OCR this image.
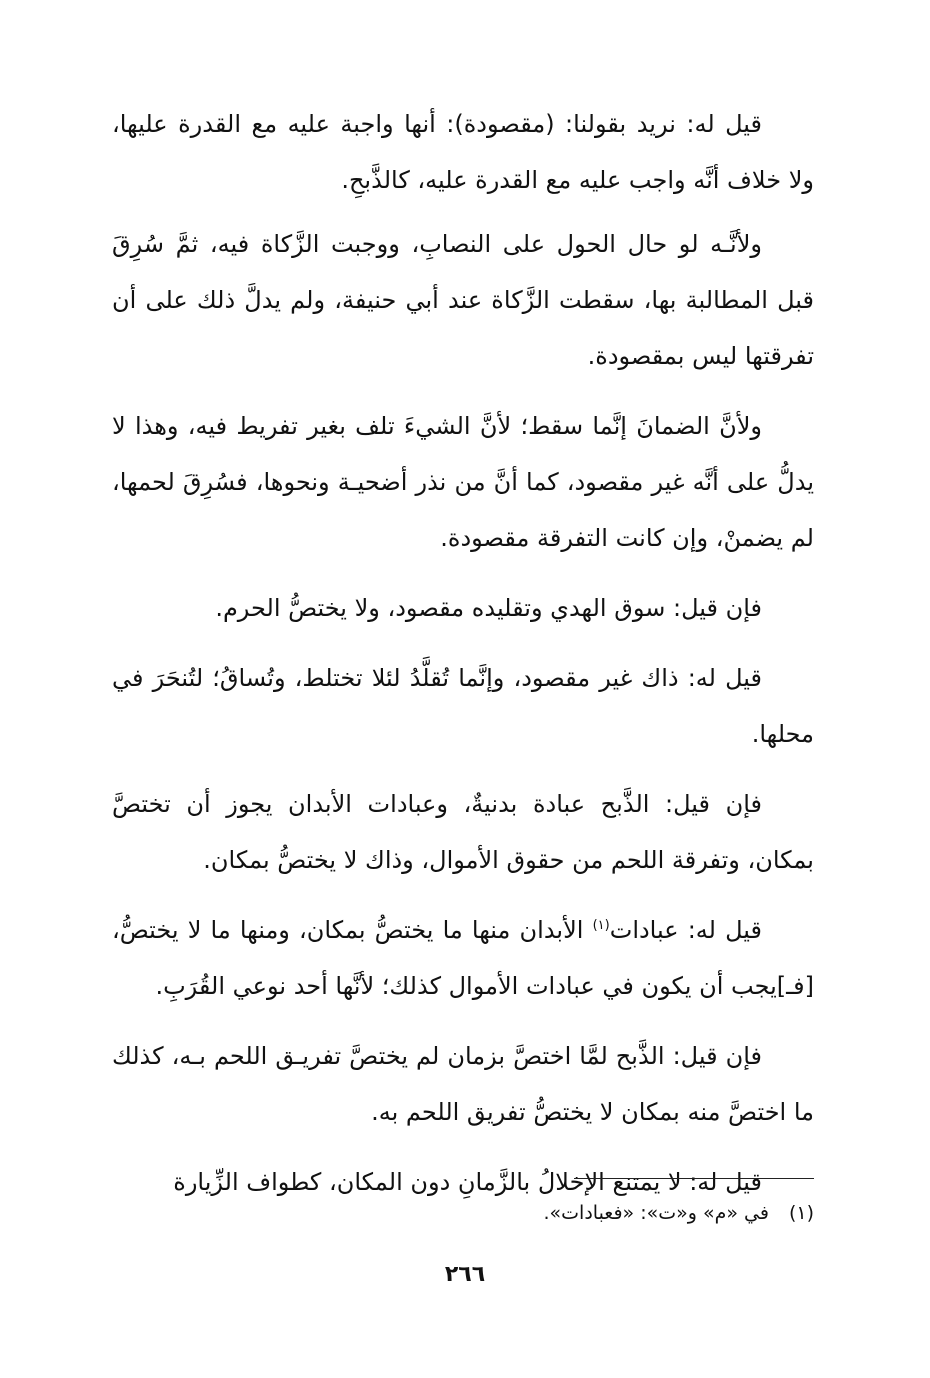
قيل له: نريد بقولنا: (مقصودة): أنها واجبة عليه مع القدرة عليها، ولا خلاف أنَّه واجب عليه مع القدرة عليه، كالذَّبحِ.

ولأنَّـه لو حال الحول على النصابِ، ووجبت الزَّكاة فيه، ثمَّ سُرِقَ قبل المطالبة بها، سقطت الزَّكاة عند أبي حنيفة، ولم يدلَّ ذلك على أن تفرقتها ليس بمقصودة.

ولأنَّ الضمانَ إنَّما سقط؛ لأنَّ الشيءَ تلف بغير تفريط فيه، وهذا لا يدلُّ على أنَّه غير مقصود، كما أنَّ من نذر أضحيـة ونحوها، فسُرِقَ لحمها، لم يضمنْ، وإن كانت التفرقة مقصودة.

فإن قيل: سوق الهدي وتقليده مقصود، ولا يختصُّ الحرم.

قيل له: ذاك غير مقصود، وإنَّما تُقلَّدُ لئلا تختلط، وتُساقُ؛ لتُنحَرَ في محلها.

فإن قيل: الذَّبح عبادة بدنيةٌ، وعبادات الأبدان يجوز أن تختصَّ بمكان، وتفرقة اللحم من حقوق الأموال، وذاك لا يختصُّ بمكان.

قيل له: عبادات$^{(١)}$ الأبدان منها ما يختصُّ بمكان، ومنها ما لا يختصُّ، [فـ]يجب أن يكون في عبادات الأموال كذلك؛ لأنَّها أحد نوعي القُرَبِ.

فإن قيل: الذَّبح لمَّا اختصَّ بزمان لم يختصَّ تفريـق اللحم بـه، كذلك ما اختصَّ منه بمكان لا يختصُّ تفريق اللحم به.

قيل له: لا يمتنع الإخلالُ بالزَّمانِ دون المكان، كطواف الزِّيارة

(١)في «م» و«ت»: «فعبادات».
٢٦٦
